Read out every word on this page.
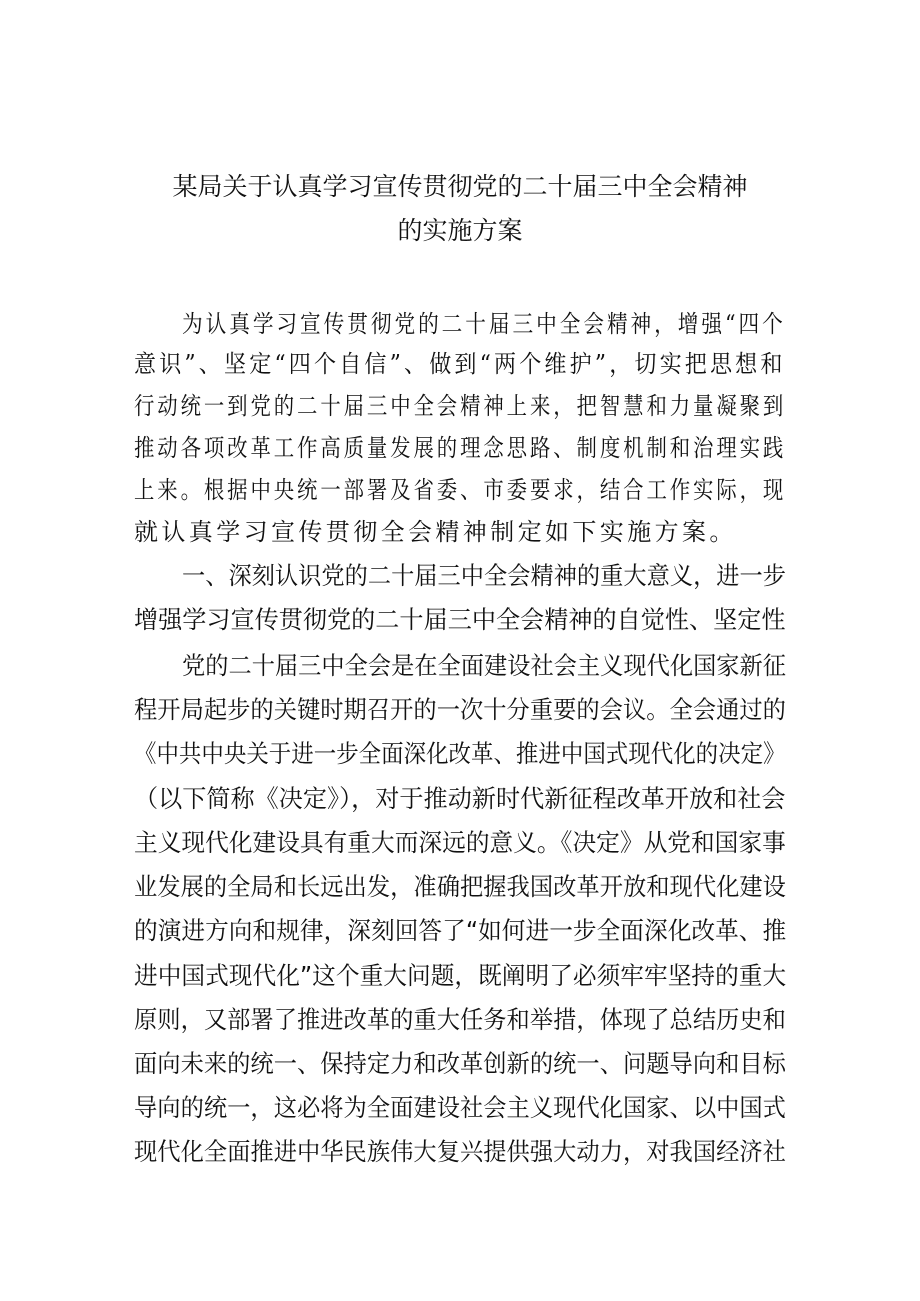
某局关于认真学习宣传贯彻党的二十届三中全会精神
的实施方案
为认真学习宣传贯彻党的二十届三中全会精神，增强“四个
意识”、坚定“四个自信”、做到“两个维护”，切实把思想和
行动统一到党的二十届三中全会精神上来，把智慧和力量凝聚到
推动各项改革工作高质量发展的理念思路、制度机制和治理实践
上来。根据中央统一部署及省委、市委要求，结合工作实际，现
就认真学习宣传贯彻全会精神制定如下实施方案。
一、深刻认识党的二十届三中全会精神的重大意义，进一步
增强学习宣传贯彻党的二十届三中全会精神的自觉性、坚定性
党的二十届三中全会是在全面建设社会主义现代化国家新征
程开局起步的关键时期召开的一次十分重要的会议。全会通过的
《中共中央关于进一步全面深化改革、推进中国式现代化的决定》
（以下简称《决定》），对于推动新时代新征程改革开放和社会
主义现代化建设具有重大而深远的意义。《决定》从党和国家事
业发展的全局和长远出发，准确把握我国改革开放和现代化建设
的演进方向和规律，深刻回答了“如何进一步全面深化改革、推
进中国式现代化”这个重大问题，既阐明了必须牢牢坚持的重大
原则，又部署了推进改革的重大任务和举措，体现了总结历史和
面向未来的统一、保持定力和改革创新的统一、问题导向和目标
导向的统一，这必将为全面建设社会主义现代化国家、以中国式
现代化全面推进中华民族伟大复兴提供强大动力，对我国经济社
